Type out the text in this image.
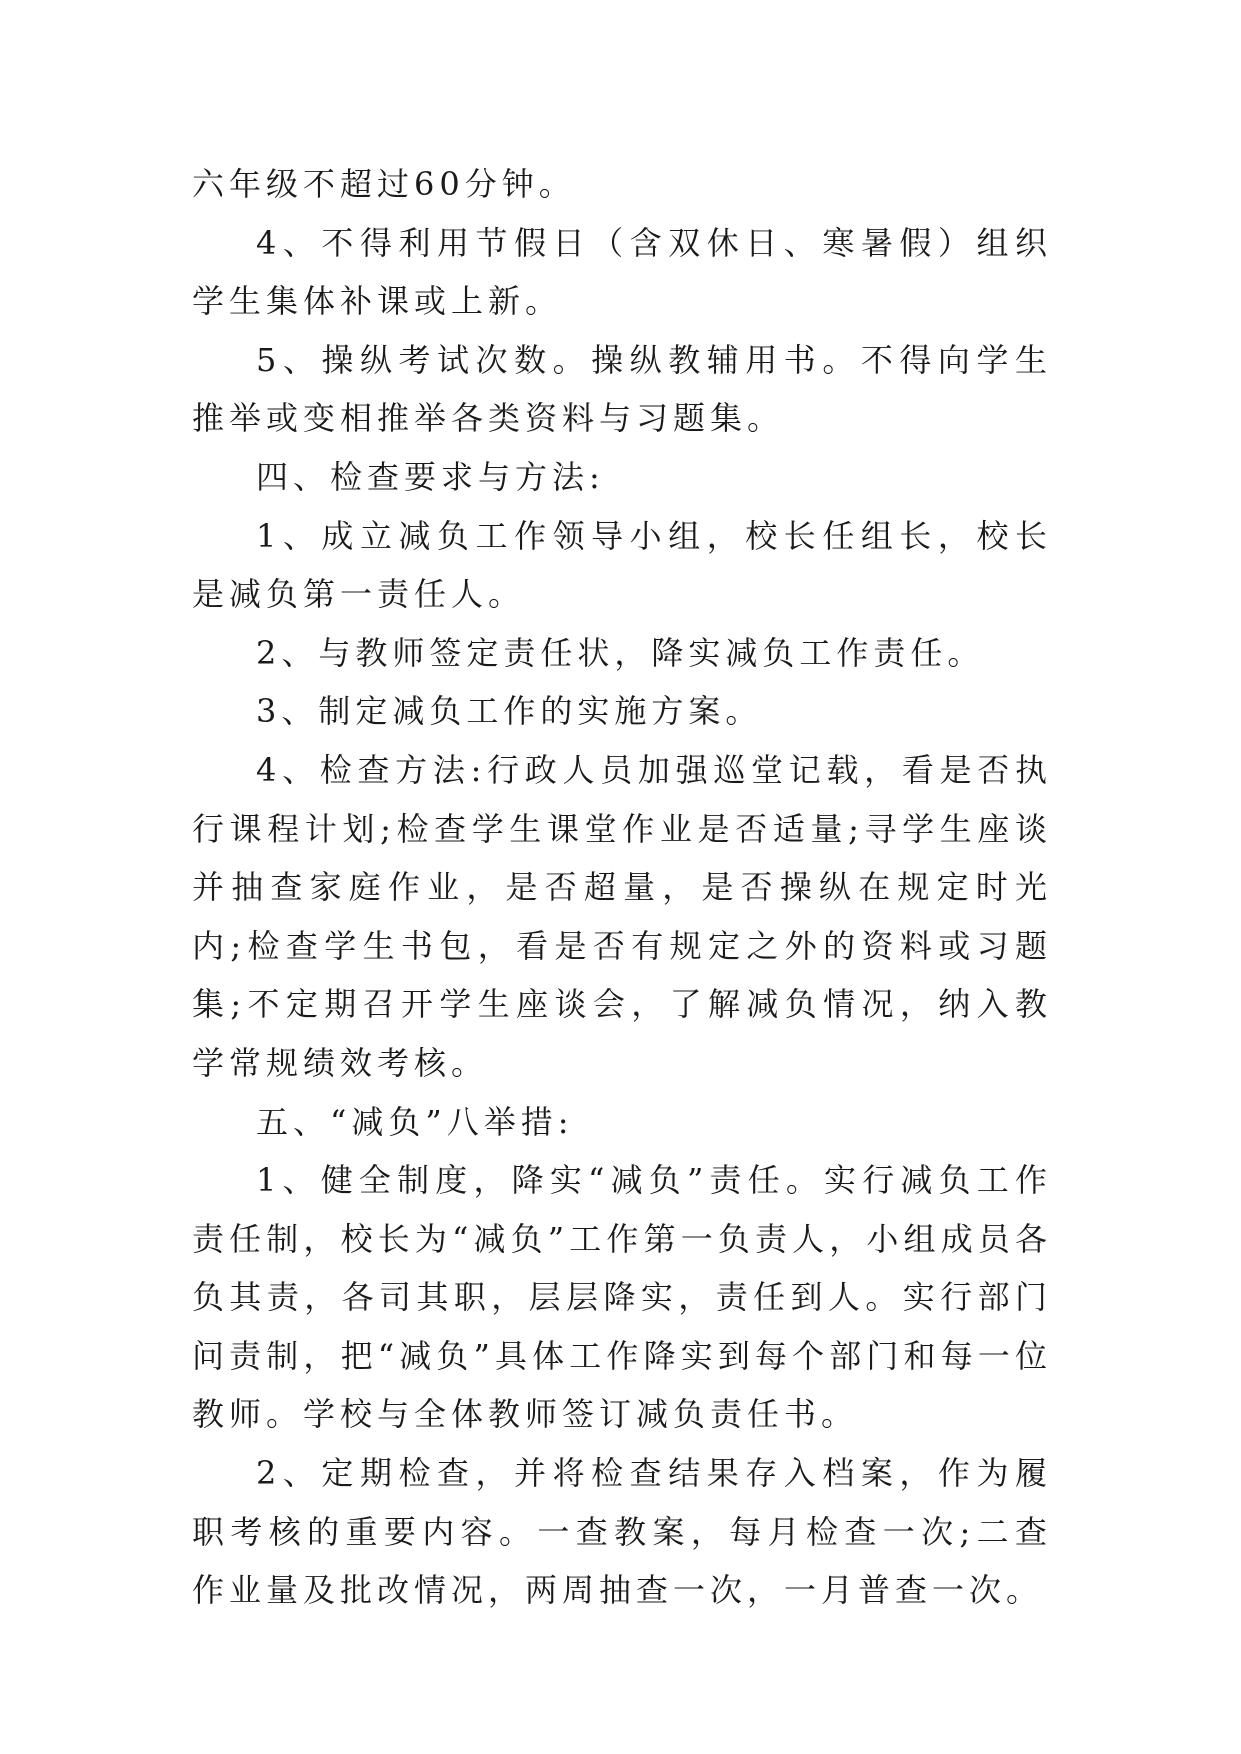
六年级不超过60分钟。

4、不得利用节假日（含双休日、寒暑假）组织学生集体补课或上新。

5、操纵考试次数。操纵教辅用书。不得向学生推举或变相推举各类资料与习题集。

四、检查要求与方法:

1、成立减负工作领导小组，校长任组长，校长是减负第一责任人。

2、与教师签定责任状，降实减负工作责任。

3、制定减负工作的实施方案。

4、检查方法:行政人员加强巡堂记载，看是否执行课程计划;检查学生课堂作业是否适量;寻学生座谈并抽查家庭作业，是否超量，是否操纵在规定时光内;检查学生书包，看是否有规定之外的资料或习题集;不定期召开学生座谈会，了解减负情况，纳入教学常规绩效考核。

五、“减负”八举措:

1、健全制度，降实“减负”责任。实行减负工作责任制，校长为“减负”工作第一负责人，小组成员各负其责，各司其职，层层降实，责任到人。实行部门问责制，把“减负”具体工作降实到每个部门和每一位教师。学校与全体教师签订减负责任书。

2、定期检查，并将检查结果存入档案，作为履职考核的重要内容。一查教案，每月检查一次;二查作业量及批改情况，两周抽查一次，一月普查一次。
